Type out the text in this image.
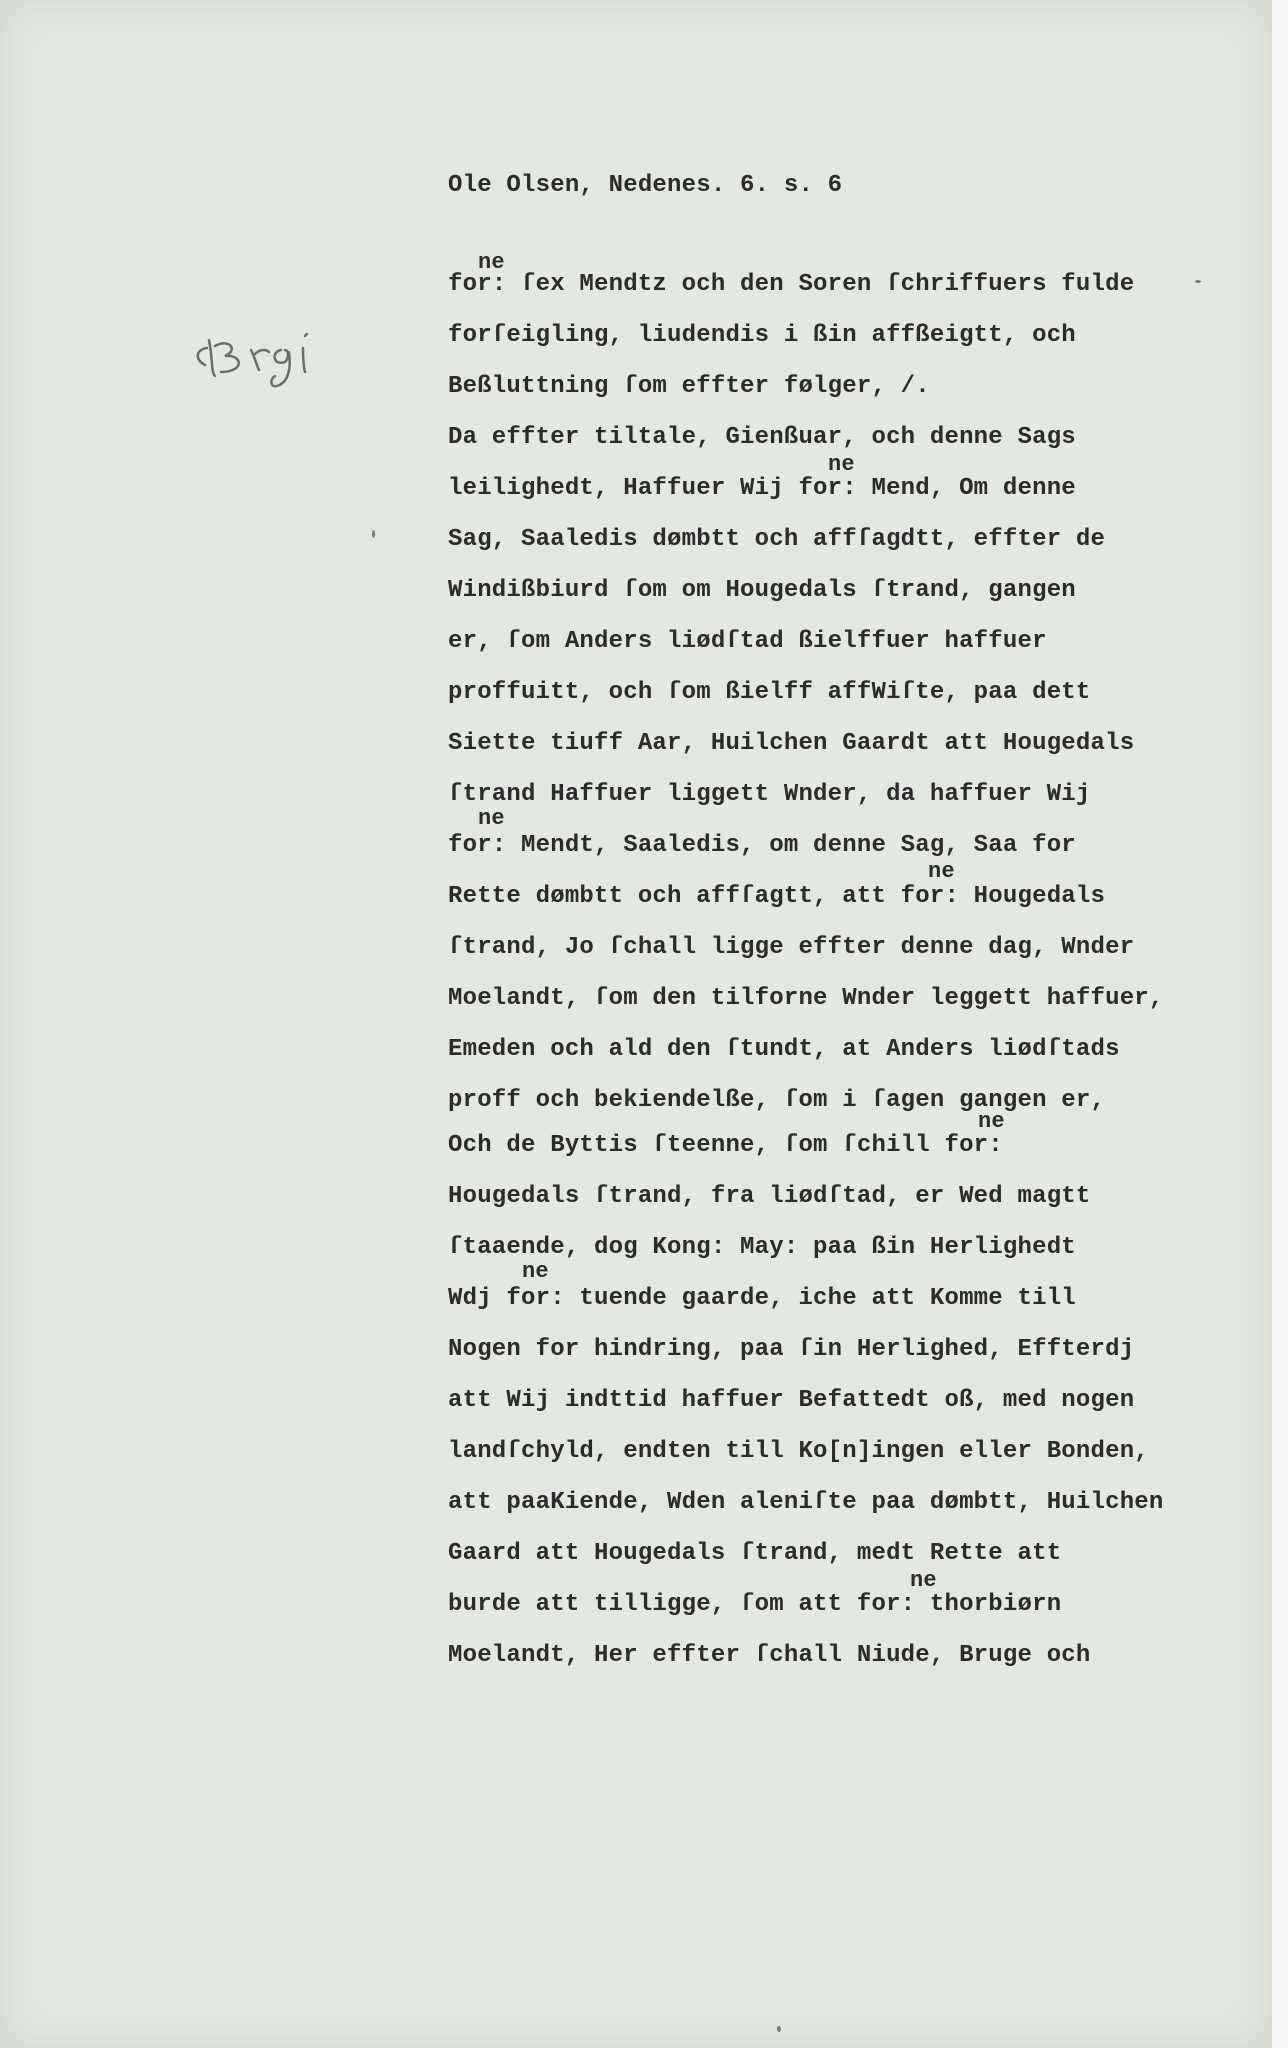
Ole Olsen, Nedenes. 6. s. 6
ne
for: ſex Mendtz och den Soren ſchriffuers fulde
forſeigling, liudendis i ßin affßeigtt, och
Beßluttning ſom effter følger, /.
Da effter tiltale, Gienßuar, och denne Sags
ne
leilighedt, Haffuer Wij for: Mend, Om denne
Sag, Saaledis dømbtt och affſagdtt, effter de
Windißbiurd ſom om Hougedals ſtrand, gangen
er, ſom Anders liødſtad ßielffuer haffuer
proffuitt, och ſom ßielff affWiſte, paa dett
Siette tiuff Aar, Huilchen Gaardt att Hougedals
ſtrand Haffuer liggett Wnder, da haffuer Wij
ne
for: Mendt, Saaledis, om denne Sag, Saa for
ne
Rette dømbtt och affſagtt, att for: Hougedals
ſtrand, Jo ſchall ligge effter denne dag, Wnder
Moelandt, ſom den tilforne Wnder leggett haffuer,
Emeden och ald den ſtundt, at Anders liødſtads
proff och bekiendelße, ſom i ſagen gangen er,
ne
Och de Byttis ſteenne, ſom ſchill for:
Hougedals ſtrand, fra liødſtad, er Wed magtt
ſtaaende, dog Kong: May: paa ßin Herlighedt
ne
Wdj for: tuende gaarde, iche att Komme till
Nogen for hindring, paa ſin Herlighed, Effterdj
att Wij indttid haffuer Befattedt oß, med nogen
landſchyld, endten till Ko[n]ingen eller Bonden,
att paaKiende, Wden aleniſte paa dømbtt, Huilchen
Gaard att Hougedals ſtrand, medt Rette att
ne
burde att tilligge, ſom att for: thorbiørn
Moelandt, Her effter ſchall Niude, Bruge och
